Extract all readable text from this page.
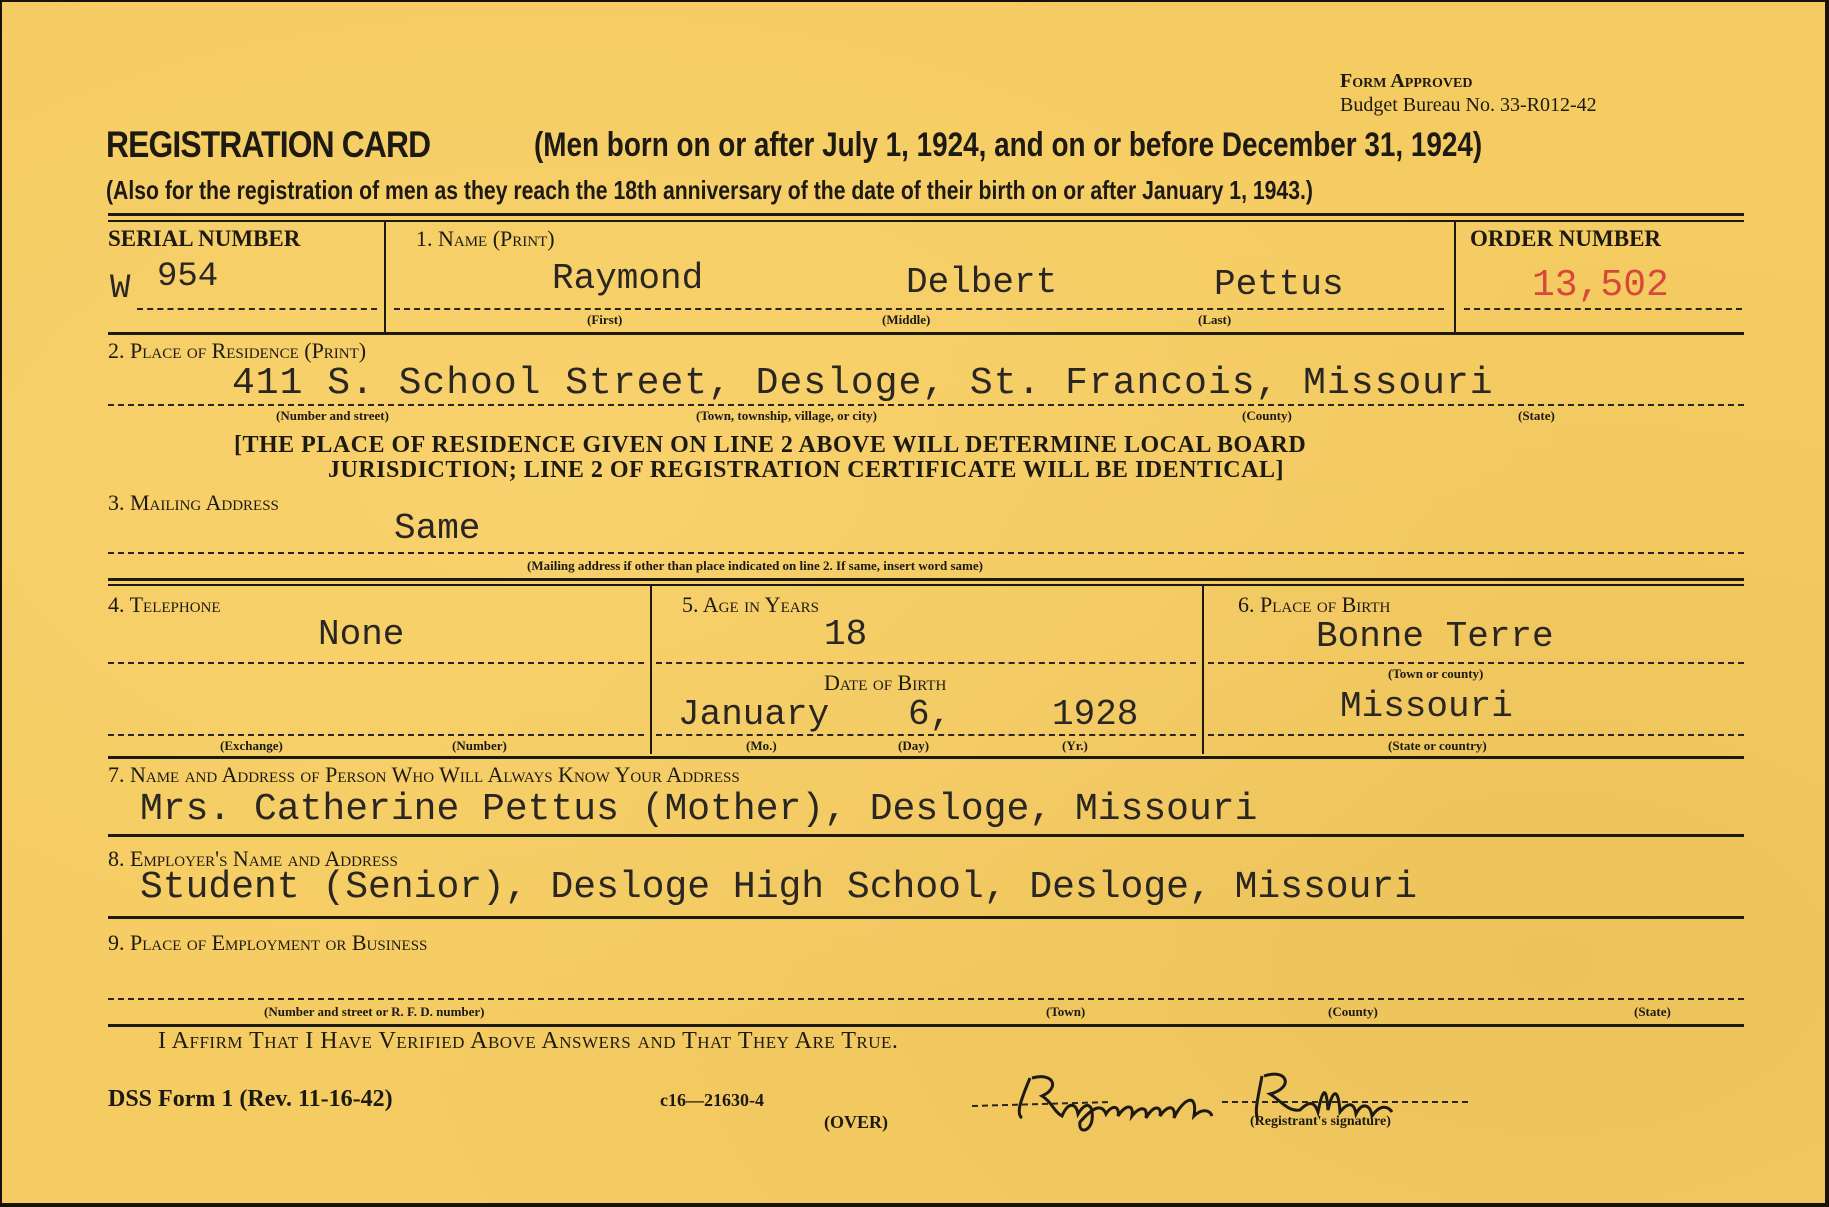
Form Approved
Budget Bureau No. 33-R012-42
REGISTRATION CARD	(Men born on or after July 1, 1924, and on or before December 31, 1924)
(Also for the registration of men as they reach the 18th anniversary of the date of their birth on or after January 1, 1943.)
SERIAL NUMBER
W 954
1. Name (Print)
Raymond	Delbert	Pettus
(First)	(Middle)	(Last)
ORDER NUMBER
13,502
2. Place of Residence (Print)
411 S. School Street, Desloge, St. Francois, Missouri
(Number and street)	(Town, township, village, or city)	(County)	(State)
[THE PLACE OF RESIDENCE GIVEN ON LINE 2 ABOVE WILL DETERMINE LOCAL BOARD
JURISDICTION; LINE 2 OF REGISTRATION CERTIFICATE WILL BE IDENTICAL]
3. Mailing Address
Same
(Mailing address if other than place indicated on line 2. If same, insert word same)
4. Telephone
None
(Exchange)	(Number)
5. Age in Years
18
Date of Birth
January 6,	1928
(Mo.)	(Day)	(Yr.)
6. Place of Birth
Bonne Terre
(Town or county)
Missouri
(State or country)
7. Name and Address of Person Who Will Always Know Your Address
Mrs. Catherine Pettus (Mother), Desloge, Missouri
8. Employer's Name and Address
Student (Senior), Desloge High School, Desloge, Missouri
9. Place of Employment or Business
(Number and street or R. F. D. number)	(Town)	(County)	(State)
I Affirm That I Have Verified Above Answers and That They Are True.
DSS Form 1 (Rev. 11-16-42)	c16—21630-4
(OVER)	(Registrant's signature)
